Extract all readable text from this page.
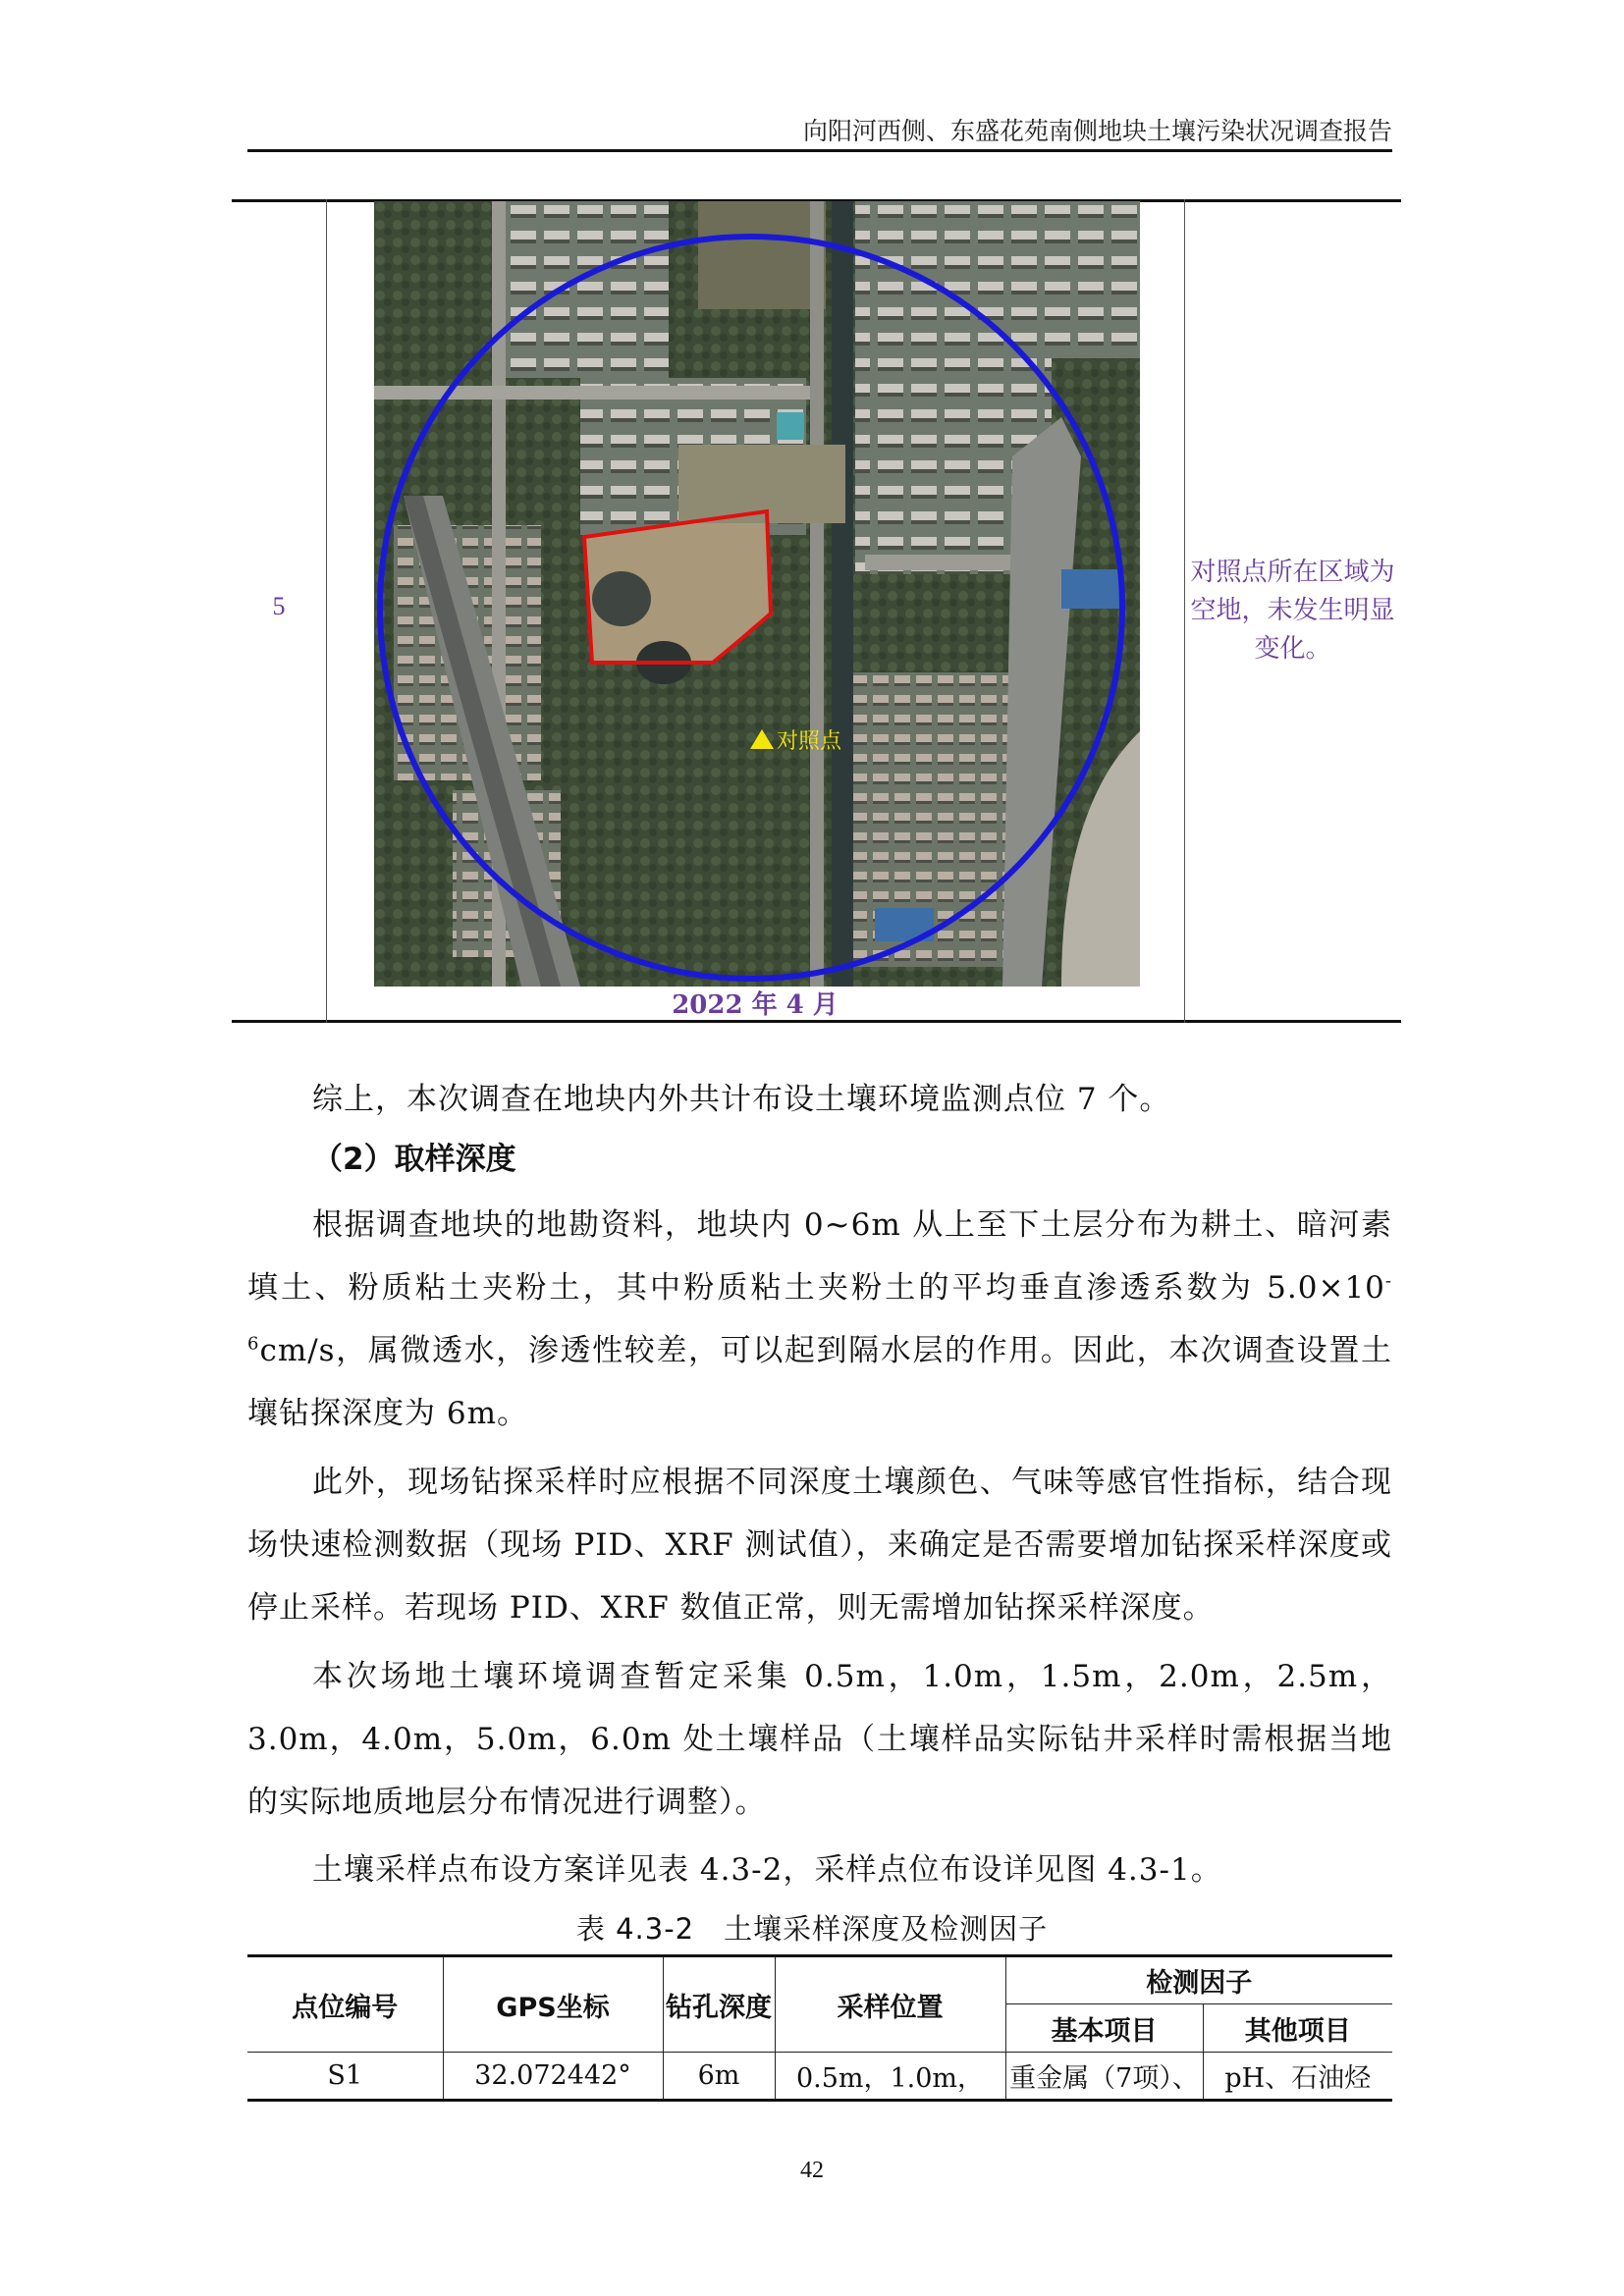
向阳河西侧、东盛花苑南侧地块土壤污染状况调查报告
5
对照点
2022 年 4 月
对照点所在区域为空地，未发生明显变化。
综上，本次调查在地块内外共计布设土壤环境监测点位 7 个。
（2）取样深度
根据调查地块的地勘资料，地块内 0~6m 从上至下土层分布为耕土、暗河素填土、粉质粘土夹粉土，其中粉质粘土夹粉土的平均垂直渗透系数为 $5.0\times 10^{-6}cm/s$，属微透水，渗透性较差，可以起到隔水层的作用。因此，本次调查设置土壤钻探深度为 6m。
此外，现场钻探采样时应根据不同深度土壤颜色、气味等感官性指标，结合现场快速检测数据（现场 PID、XRF 测试值），来确定是否需要增加钻探采样深度或停止采样。若现场 PID、XRF 数值正常，则无需增加钻探采样深度。
本次场地土壤环境调查暂定采集 0.5m，1.0m，1.5m，2.0m，2.5m，3.0m，4.0m，5.0m，6.0m 处土壤样品（土壤样品实际钻井采样时需根据当地的实际地质地层分布情况进行调整）。
土壤采样点布设方案详见表 4.3-2，采样点位布设详见图 4.3-1。
表 4.3-2　土壤采样深度及检测因子
点位编号	GPS坐标	钻孔深度	采样位置	检测因子	
				基本项目	其他项目
S1	32.072442°	6m	0.5m，1.0m，	重金属（7项）、	pH、石油烃
42
